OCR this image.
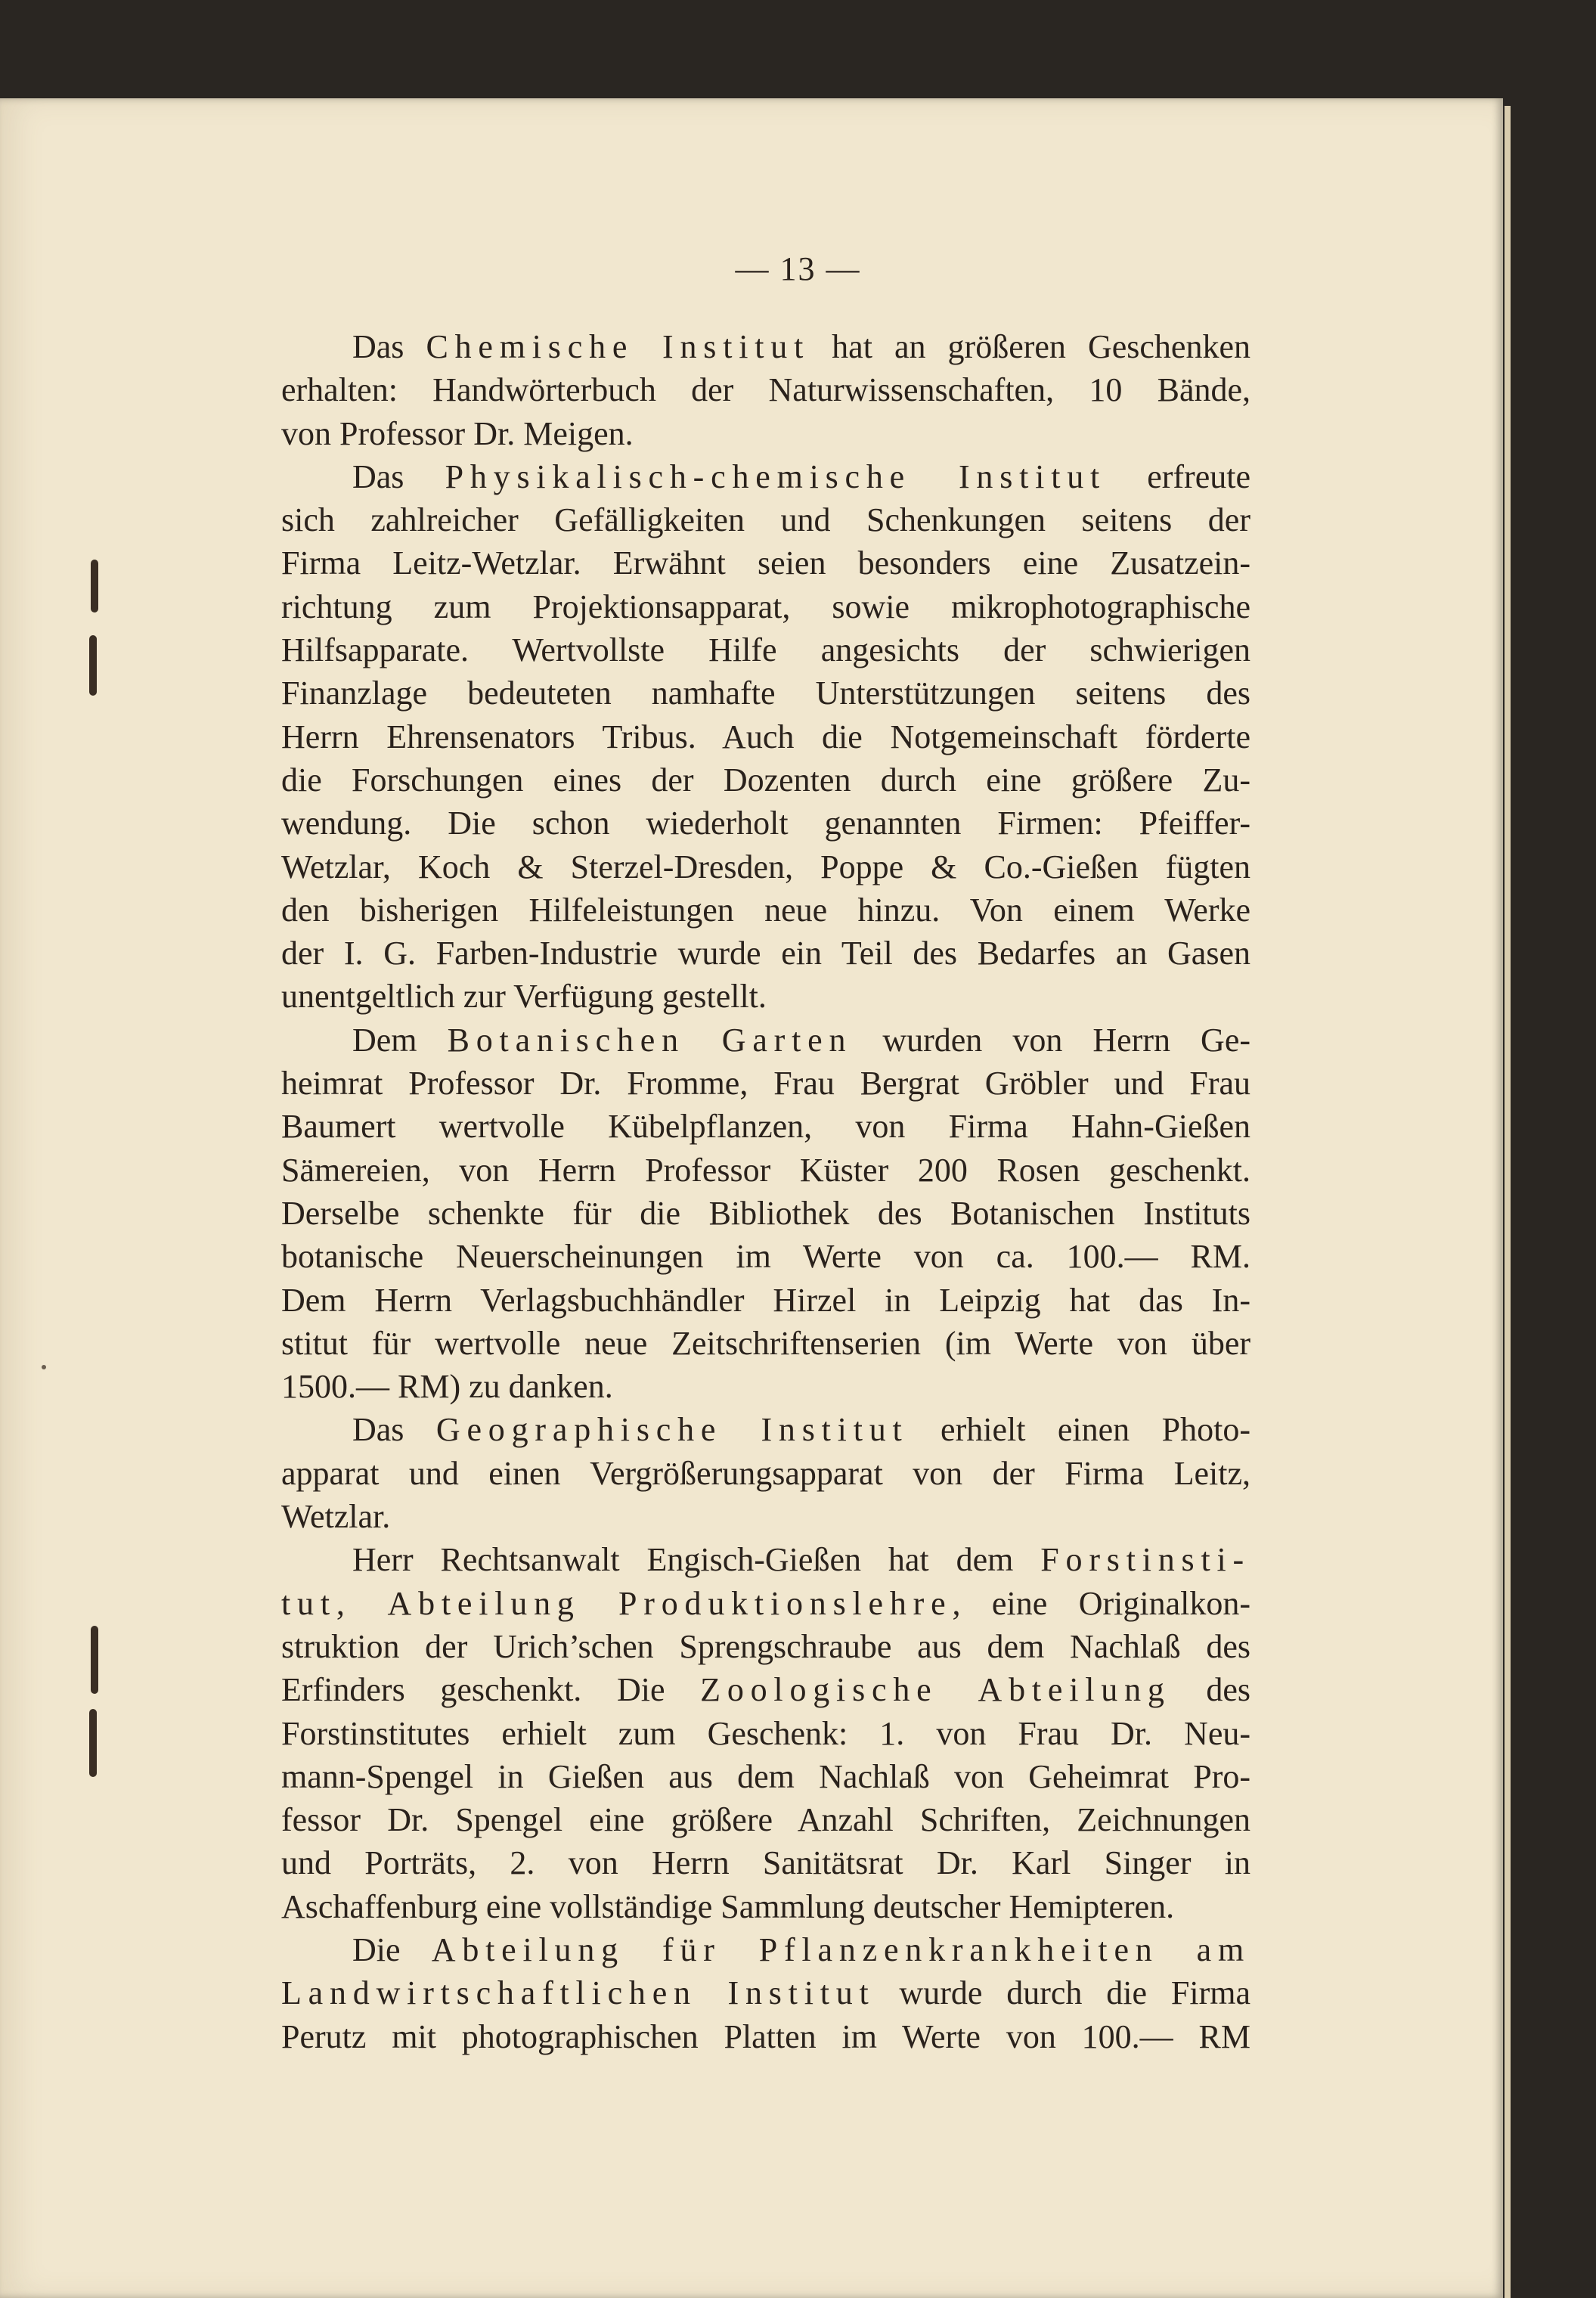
— 13 —

Das Chemische Institut hat an größeren Geschenken

erhalten: Handwörterbuch der Naturwissenschaften, 10 Bände,

von Professor Dr. Meigen.

Das Physikalisch-chemische Institut erfreute

sich zahlreicher Gefälligkeiten und Schenkungen seitens der

Firma Leitz-Wetzlar. Erwähnt seien besonders eine Zusatzein-

richtung zum Projektionsapparat, sowie mikrophotographische

Hilfsapparate. Wertvollste Hilfe angesichts der schwierigen

Finanzlage bedeuteten namhafte Unterstützungen seitens des

Herrn Ehrensenators Tribus. Auch die Notgemeinschaft förderte

die Forschungen eines der Dozenten durch eine größere Zu-

wendung. Die schon wiederholt genannten Firmen: Pfeiffer-

Wetzlar, Koch & Sterzel-Dresden, Poppe & Co.-Gießen fügten

den bisherigen Hilfeleistungen neue hinzu. Von einem Werke

der I. G. Farben-Industrie wurde ein Teil des Bedarfes an Gasen

unentgeltlich zur Verfügung gestellt.

Dem Botanischen Garten wurden von Herrn Ge-

heimrat Professor Dr. Fromme, Frau Bergrat Gröbler und Frau

Baumert wertvolle Kübelpflanzen, von Firma Hahn-Gießen

Sämereien, von Herrn Professor Küster 200 Rosen geschenkt.

Derselbe schenkte für die Bibliothek des Botanischen Instituts

botanische Neuerscheinungen im Werte von ca. 100.— RM.

Dem Herrn Verlagsbuchhändler Hirzel in Leipzig hat das In-

stitut für wertvolle neue Zeitschriftenserien (im Werte von über

1500.— RM) zu danken.

Das Geographische Institut erhielt einen Photo-

apparat und einen Vergrößerungsapparat von der Firma Leitz,

Wetzlar.

Herr Rechtsanwalt Engisch-Gießen hat dem Forstinsti-

tut, Abteilung Produktionslehre, eine Originalkon-

struktion der Urich’schen Sprengschraube aus dem Nachlaß des

Erfinders geschenkt. Die Zoologische Abteilung des

Forstinstitutes erhielt zum Geschenk: 1. von Frau Dr. Neu-

mann-Spengel in Gießen aus dem Nachlaß von Geheimrat Pro-

fessor Dr. Spengel eine größere Anzahl Schriften, Zeichnungen

und Porträts, 2. von Herrn Sanitätsrat Dr. Karl Singer in

Aschaffenburg eine vollständige Sammlung deutscher Hemipteren.

Die Abteilung für Pflanzenkrankheiten am

Landwirtschaftlichen Institut wurde durch die Firma

Perutz mit photographischen Platten im Werte von 100.— RM
